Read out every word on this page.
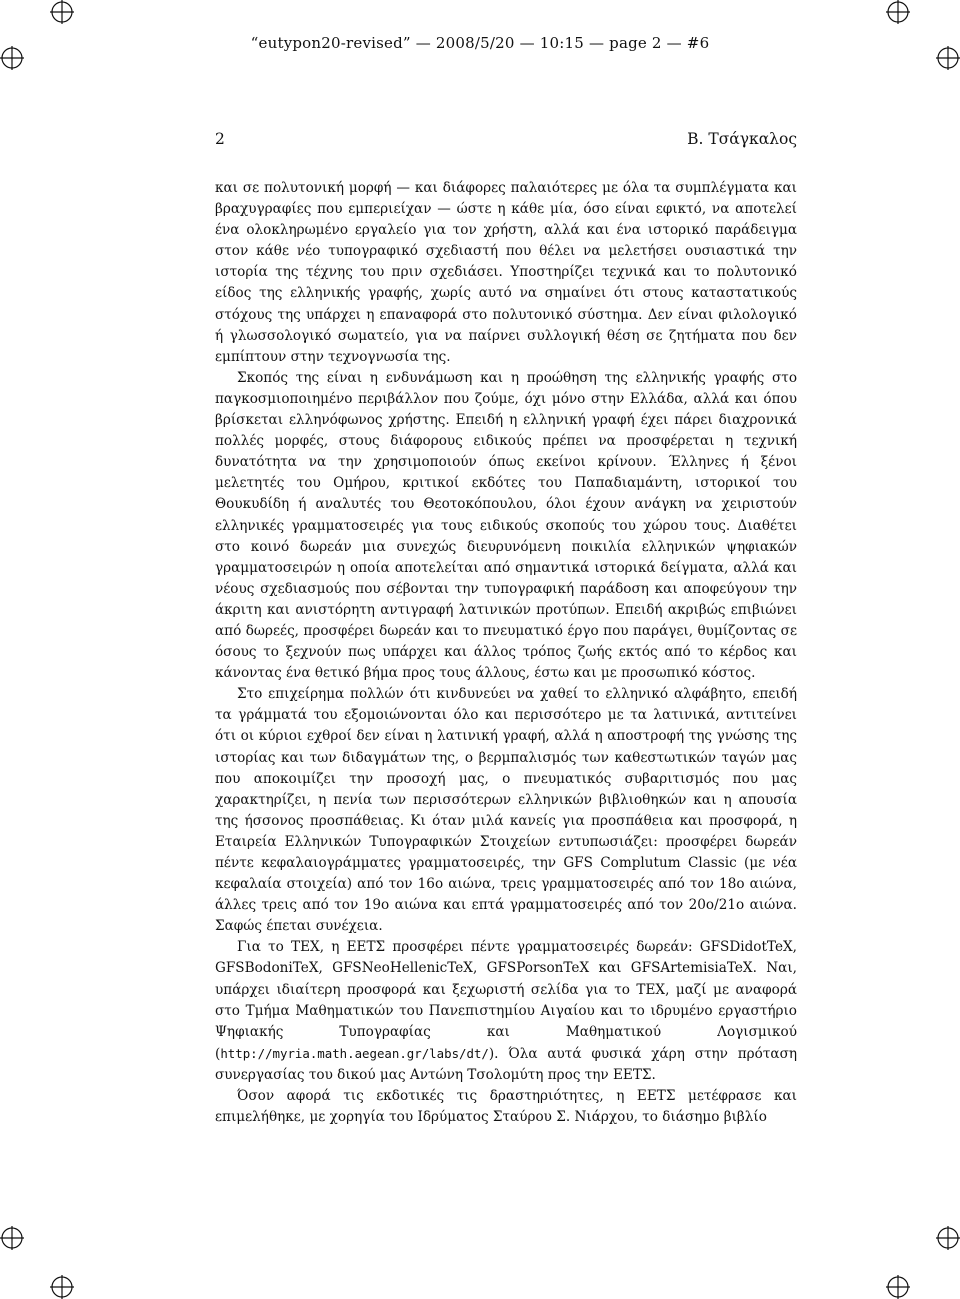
“eutypon20-revised” — 2008/5/20 — 10:15 — page 2 — #6
2	Β. Τσάγκαλος

και σε πολυτονική μορφή — και διάφορες παλαιότερες με όλα τα συμπλέγματα και βραχυγραφίες που εμπεριείχαν — ώστε η κάθε μία, όσο είναι εφικτό, να αποτελεί ένα ολοκληρωμένο εργαλείο για τον χρήστη, αλλά και ένα ιστορικό παράδειγμα στον κάθε νέο τυπογραφικό σχεδιαστή που θέλει να μελετήσει ουσιαστικά την ιστορία της τέχνης του πριν σχεδιάσει. Υποστηρίζει τεχνικά και το πολυτονικό είδος της ελληνικής γραφής, χωρίς αυτό να σημαίνει ότι στους καταστατικούς στόχους της υπάρχει η επαναφορά στο πολυτονικό σύστημα. Δεν είναι φιλολογικό ή γλωσσολογικό σωματείο, για να παίρνει συλλογική θέση σε ζητήματα που δεν εμπίπτουν στην τεχνογνωσία της.

Σκοπός της είναι η ενδυνάμωση και η προώθηση της ελληνικής γραφής στο παγκοσμιοποιημένο περιβάλλον που ζούμε, όχι μόνο στην Ελλάδα, αλλά και όπου βρίσκεται ελληνόφωνος χρήστης. Επειδή η ελληνική γραφή έχει πάρει διαχρονικά πολλές μορφές, στους διάφορους ειδικούς πρέπει να προσφέρεται η τεχνική δυνατότητα να την χρησιμοποιούν όπως εκείνοι κρίνουν. Έλληνες ή ξένοι μελετητές του Ομήρου, κριτικοί εκδότες του Παπαδιαμάντη, ιστορικοί του Θουκυδίδη ή αναλυτές του Θεοτοκόπουλου, όλοι έχουν ανάγκη να χειριστούν ελληνικές γραμματοσειρές για τους ειδικούς σκοπούς του χώρου τους. Διαθέτει στο κοινό δωρεάν μια συνεχώς διευρυνόμενη ποικιλία ελληνικών ψηφιακών γραμματοσειρών η οποία αποτελείται από σημαντικά ιστορικά δείγματα, αλλά και νέους σχεδιασμούς που σέβονται την τυπογραφική παράδοση και αποφεύγουν την άκριτη και ανιστόρητη αντιγραφή λατινικών προτύπων. Επειδή ακριβώς επιβιώνει από δωρεές, προσφέρει δωρεάν και το πνευματικό έργο που παράγει, θυμίζοντας σε όσους το ξεχνούν πως υπάρχει και άλλος τρόπος ζωής εκτός από το κέρδος και κάνοντας ένα θετικό βήμα προς τους άλλους, έστω και με προσωπικό κόστος.

Στο επιχείρημα πολλών ότι κινδυνεύει να χαθεί το ελληνικό αλφάβητο, επειδή τα γράμματά του εξομοιώνονται όλο και περισσότερο με τα λατινικά, αντιτείνει ότι οι κύριοι εχθροί δεν είναι η λατινική γραφή, αλλά η αποστροφή της γνώσης της ιστορίας και των διδαγμάτων της, ο βερμπαλισμός των καθεστωτικών ταγών μας που αποκοιμίζει την προσοχή μας, ο πνευματικός συβαριτισμός που μας χαρακτηρίζει, η πενία των περισσότερων ελληνικών βιβλιοθηκών και η απουσία της ήσσονος προσπάθειας. Κι όταν μιλά κανείς για προσπάθεια και προσφορά, η Εταιρεία Ελληνικών Τυπογραφικών Στοιχείων εντυπωσιάζει: προσφέρει δωρεάν πέντε κεφαλαιογράμματες γραμματοσειρές, την GFS Complutum Classic (με νέα κεφαλαία στοιχεία) από τον 16ο αιώνα, τρεις γραμματοσειρές από τον 18ο αιώνα, άλλες τρεις από τον 19ο αιώνα και επτά γραμματοσειρές από τον 20ο/21ο αιώνα. Σαφώς έπεται συνέχεια.

Για το TEX, η ΕΕΤΣ προσφέρει πέντε γραμματοσειρές δωρεάν: GFSDidotTeX, GFSBodoniTeX, GFSNeoHellenicTeX, GFSPorsonTeX και GFSArtemisiaTeX. Ναι, υπάρχει ιδιαίτερη προσφορά και ξεχωριστή σελίδα για το TEX, μαζί με αναφορά στο Τμήμα Μαθηματικών του Πανεπιστημίου Αιγαίου και το ιδρυμένο εργαστήριο Ψηφιακής Τυπογραφίας και Μαθηματικού Λογισμικού (http://myria.math.aegean.gr/labs/dt/). Όλα αυτά φυσικά χάρη στην πρόταση συνεργασίας του δικού μας Αντώνη Τσολομύτη προς την ΕΕΤΣ.

Όσον αφορά τις εκδοτικές τις δραστηριότητες, η ΕΕΤΣ μετέφρασε και επιμελήθηκε, με χορηγία του Ιδρύματος Σταύρου Σ. Νιάρχου, το διάσημο βιβλίο
